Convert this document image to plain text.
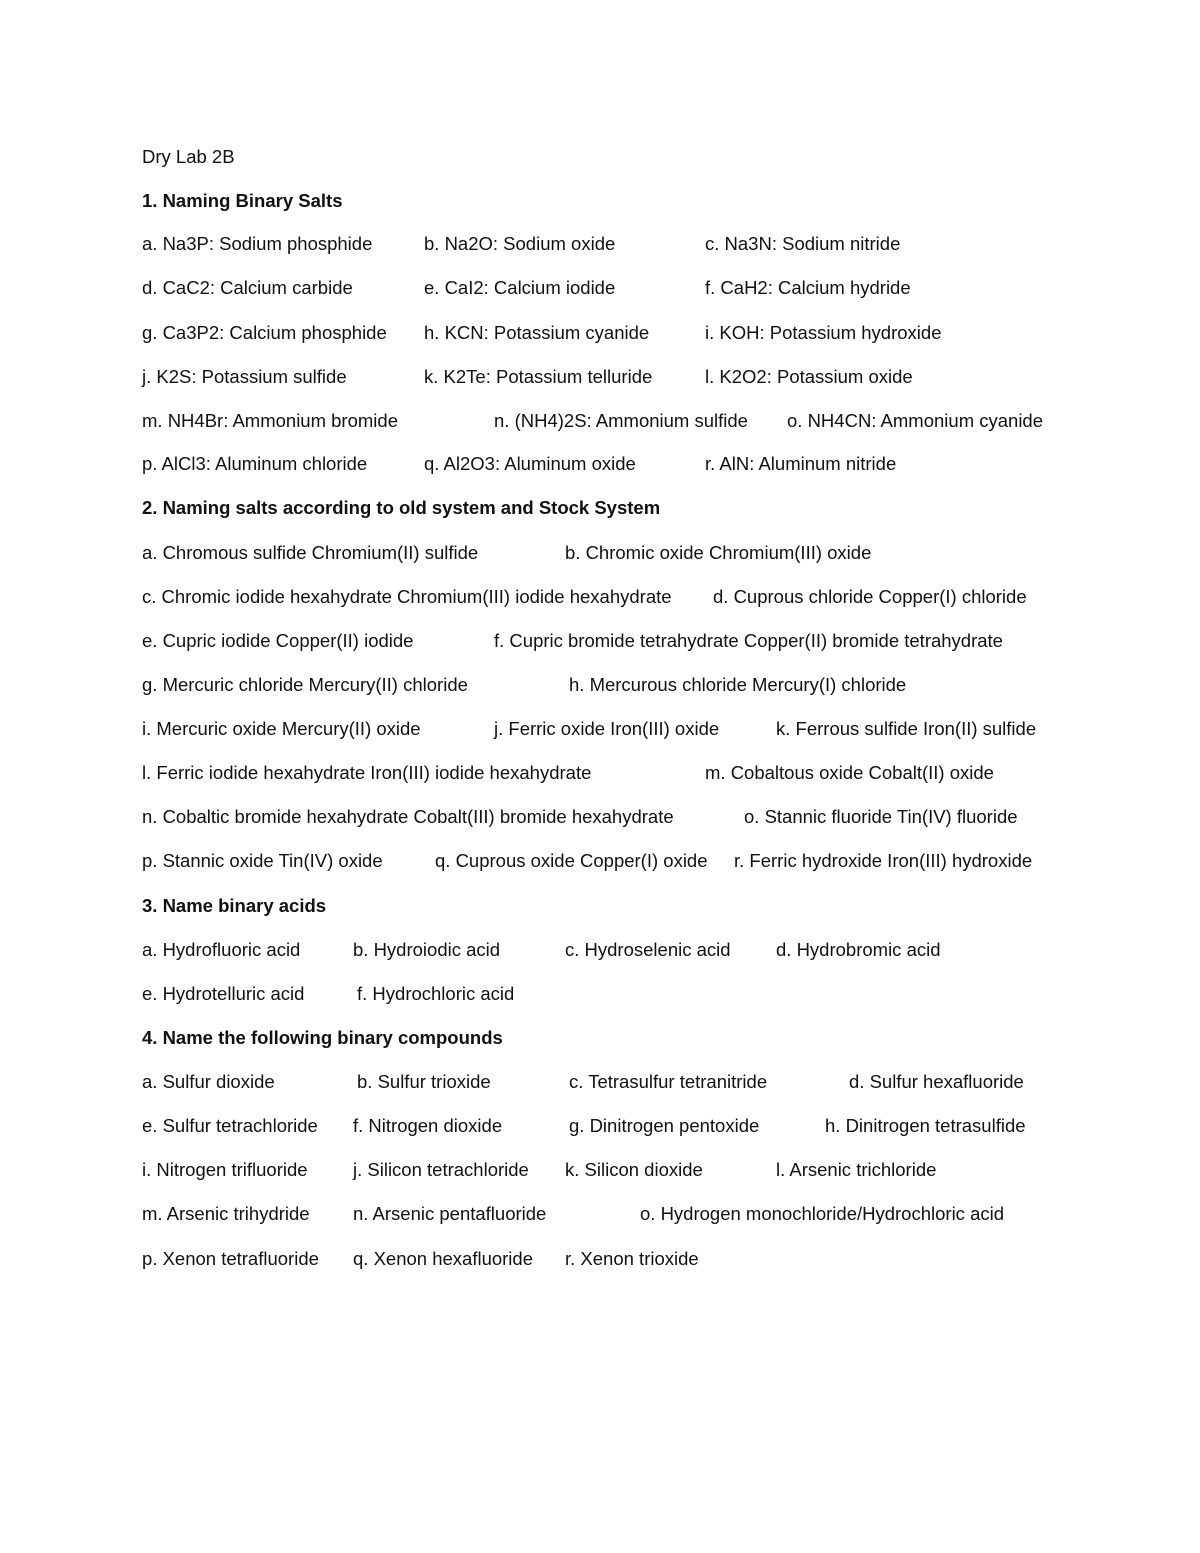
Dry Lab 2B
1. Naming Binary Salts
a. Na3P: Sodium phosphide	b. Na2O: Sodium oxide	c. Na3N: Sodium nitride
d. CaC2: Calcium carbide	e. CaI2: Calcium iodide	f. CaH2: Calcium hydride
g. Ca3P2: Calcium phosphide h. KCN: Potassium cyanide	i. KOH: Potassium hydroxide
j. K2S: Potassium sulfide	k. K2Te: Potassium telluride	l. K2O2: Potassium oxide
m. NH4Br: Ammonium bromide	n. (NH4)2S: Ammonium sulfide o. NH4CN: Ammonium cyanide
p. AlCl3: Aluminum chloride	q. Al2O3: Aluminum oxide	r. AlN: Aluminum nitride
2. Naming salts according to old system and Stock System
a. Chromous sulfide Chromium(II) sulfide	b. Chromic oxide Chromium(III) oxide
c. Chromic iodide hexahydrate Chromium(III) iodide hexahydrate d. Cuprous chloride Copper(I) chloride
e. Cupric iodide Copper(II) iodide	f. Cupric bromide tetrahydrate Copper(II) bromide tetrahydrate
g. Mercuric chloride Mercury(II) chloride	h. Mercurous chloride Mercury(I) chloride
i. Mercuric oxide Mercury(II) oxide	j. Ferric oxide Iron(III) oxide	k. Ferrous sulfide Iron(II) sulfide
l. Ferric iodide hexahydrate Iron(III) iodide hexahydrate	m. Cobaltous oxide Cobalt(II) oxide
n. Cobaltic bromide hexahydrate Cobalt(III) bromide hexahydrate	o. Stannic fluoride Tin(IV) fluoride
p. Stannic oxide Tin(IV) oxide	q. Cuprous oxide Copper(I) oxide r. Ferric hydroxide Iron(III) hydroxide
3. Name binary acids
a. Hydrofluoric acid	b. Hydroiodic acid	c. Hydroselenic acid d. Hydrobromic acid
e. Hydrotelluric acid	f. Hydrochloric acid
4. Name the following binary compounds
a. Sulfur dioxide	b. Sulfur trioxide	c. Tetrasulfur tetranitride	d. Sulfur hexafluoride
e. Sulfur tetrachloride f. Nitrogen dioxide	g. Dinitrogen pentoxide	h. Dinitrogen tetrasulfide
i. Nitrogen trifluoride j. Silicon tetrachloride k. Silicon dioxide	l. Arsenic trichloride
m. Arsenic trihydride n. Arsenic pentafluoride	o. Hydrogen monochloride/Hydrochloric acid
p. Xenon tetrafluoride q. Xenon hexafluoride r. Xenon trioxide
